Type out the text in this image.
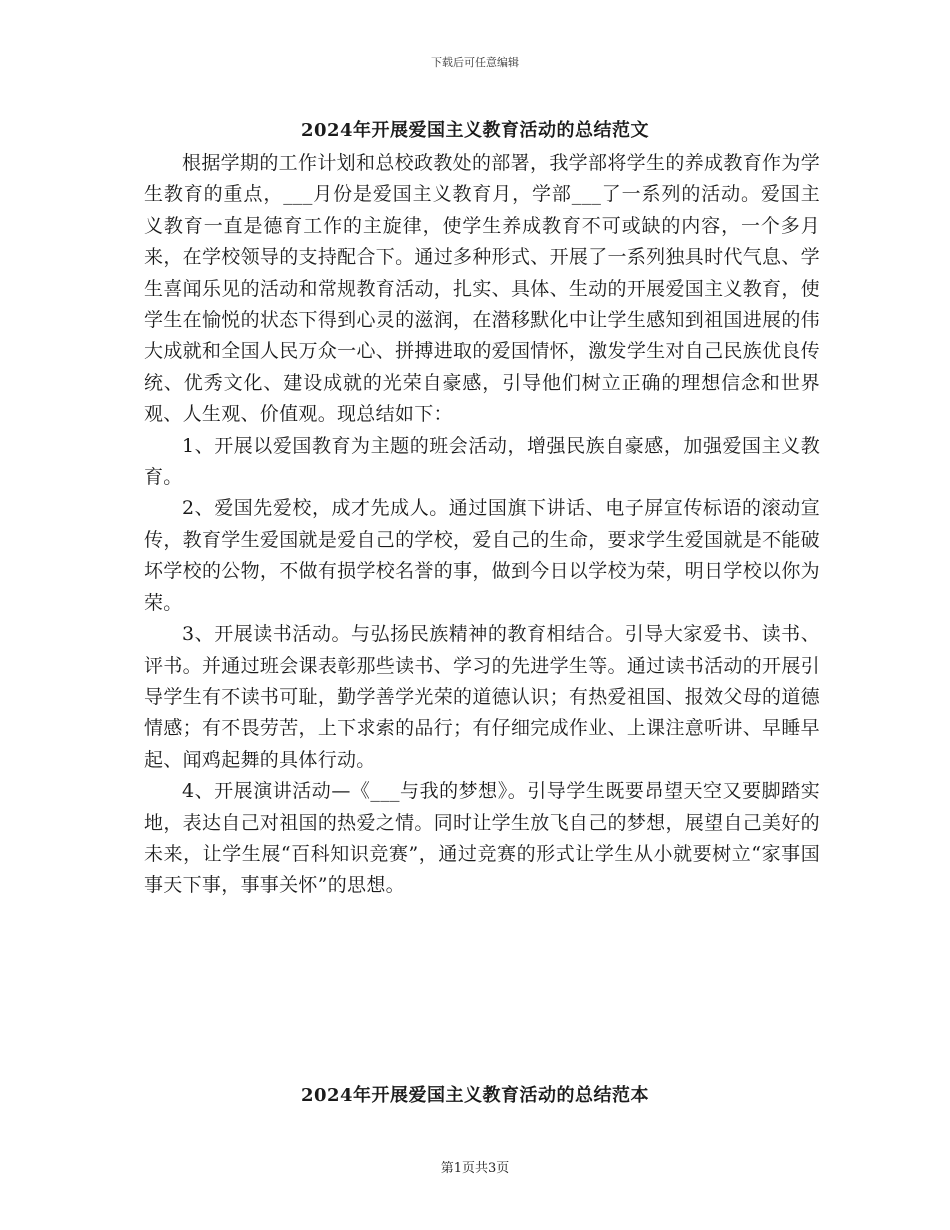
下载后可任意编辑
2024年开展爱国主义教育活动的总结范文

根据学期的工作计划和总校政教处的部署，我学部将学生的养成教育作为学生教育的重点，___月份是爱国主义教育月，学部___了一系列的活动。爱国主义教育一直是德育工作的主旋律，使学生养成教育不可或缺的内容，一个多月来，在学校领导的支持配合下。通过多种形式、开展了一系列独具时代气息、学生喜闻乐见的活动和常规教育活动，扎实、具体、生动的开展爱国主义教育，使学生在愉悦的状态下得到心灵的滋润，在潜移默化中让学生感知到祖国进展的伟大成就和全国人民万众一心、拼搏进取的爱国情怀，激发学生对自己民族优良传统、优秀文化、建设成就的光荣自豪感，引导他们树立正确的理想信念和世界观、人生观、价值观。现总结如下：

1、开展以爱国教育为主题的班会活动，增强民族自豪感，加强爱国主义教育。

2、爱国先爱校，成才先成人。通过国旗下讲话、电子屏宣传标语的滚动宣传，教育学生爱国就是爱自己的学校，爱自己的生命，要求学生爱国就是不能破坏学校的公物，不做有损学校名誉的事，做到今日以学校为荣，明日学校以你为荣。

3、开展读书活动。与弘扬民族精神的教育相结合。引导大家爱书、读书、评书。并通过班会课表彰那些读书、学习的先进学生等。通过读书活动的开展引导学生有不读书可耻，勤学善学光荣的道德认识；有热爱祖国、报效父母的道德情感；有不畏劳苦，上下求索的品行；有仔细完成作业、上课注意听讲、早睡早起、闻鸡起舞的具体行动。

4、开展演讲活动—《___与我的梦想》。引导学生既要昂望天空又要脚踏实地，表达自己对祖国的热爱之情。同时让学生放飞自己的梦想，展望自己美好的未来，让学生展“百科知识竞赛”，通过竞赛的形式让学生从小就要树立“家事国事天下事，事事关怀”的思想。

2024年开展爱国主义教育活动的总结范本
第1页共3页
